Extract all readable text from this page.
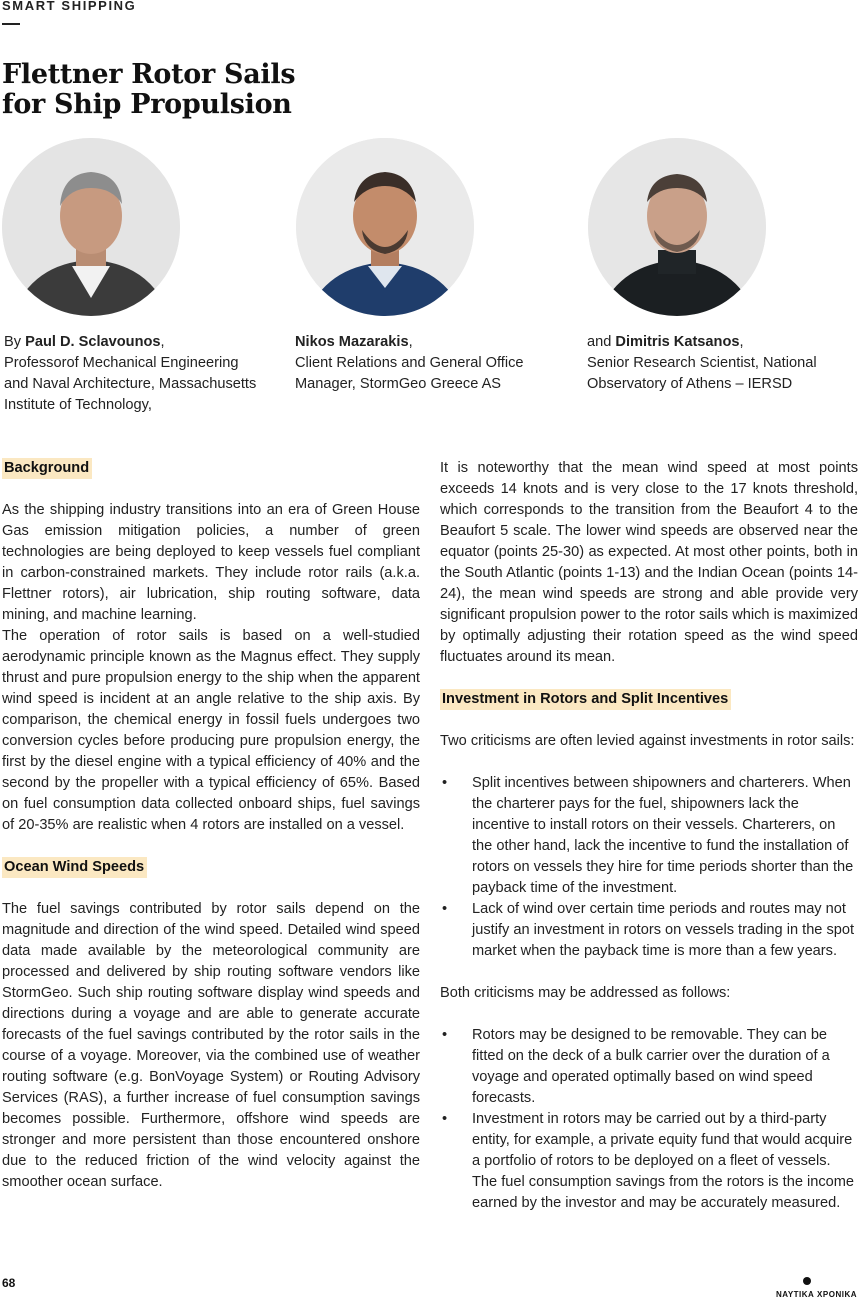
SMART SHIPPING
Flettner Rotor Sails
for Ship Propulsion

By Paul D. Sclavounos,

Professorof Mechanical Engineering

and Naval Architecture, Massachusetts

Institute of Technology,

Nikos Mazarakis,

Client Relations and General Office

Manager, StormGeo Greece AS

and Dimitris Katsanos,

Senior Research Scientist, National

Observatory of Athens – IERSD

Background

As the shipping industry transitions into an era of Green House Gas emission mitigation policies, a number of green technologies are being deployed to keep vessels fuel compliant in carbon-constrained markets. They include rotor rails (a.k.a. Flettner rotors), air lubrication, ship routing software, data mining, and machine learning.

The operation of rotor sails is based on a well-studied aerodynamic principle known as the Magnus effect. They supply thrust and pure propulsion energy to the ship when the apparent wind speed is incident at an angle relative to the ship axis. By comparison, the chemical energy in fossil fuels undergoes two conversion cycles before producing pure propulsion energy, the first by the diesel engine with a typical efficiency of 40% and the second by the propeller with a typical efficiency of 65%. Based on fuel consumption data collected onboard ships, fuel savings of 20-35% are realistic when 4 rotors are installed on a vessel.

Ocean Wind Speeds

The fuel savings contributed by rotor sails depend on the magnitude and direction of the wind speed. Detailed wind speed data made available by the meteorological community are processed and delivered by ship routing software vendors like StormGeo. Such ship routing software display wind speeds and directions during a voyage and are able to generate accurate forecasts of the fuel savings contributed by the rotor sails in the course of a voyage. Moreover, via the combined use of weather routing software (e.g. BonVoyage System) or Routing Advisory Services (RAS), a further increase of fuel consumption savings becomes possible. Furthermore, offshore wind speeds are stronger and more persistent than those encountered onshore due to the reduced friction of the wind velocity against the smoother ocean surface.

It is noteworthy that the mean wind speed at most points exceeds 14 knots and is very close to the 17 knots threshold, which corresponds to the transition from the Beaufort 4 to the Beaufort 5 scale. The lower wind speeds are observed near the equator (points 25-30) as expected. At most other points, both in the South Atlantic (points 1-13) and the Indian Ocean (points 14-24), the mean wind speeds are strong and able provide very significant propulsion power to the rotor sails which is maximized by optimally adjusting their rotation speed as the wind speed fluctuates around its mean.

Investment in Rotors and Split Incentives

Two criticisms are often levied against investments in rotor sails:

• Split incentives between shipowners and charterers. When the charterer pays for the fuel, shipowners lack the incentive to install rotors on their vessels. Charterers, on the other hand, lack the incentive to fund the installation of rotors on vessels they hire for time periods shorter than the payback time of the investment.
• Lack of wind over certain time periods and routes may not justify an investment in rotors on vessels trading in the spot market when the payback time is more than a few years.

Both criticisms may be addressed as follows:

• Rotors may be designed to be removable. They can be fitted on the deck of a bulk carrier over the duration of a voyage and operated optimally based on wind speed forecasts.
• Investment in rotors may be carried out by a third-party entity, for example, a private equity fund that would acquire a portfolio of rotors to be deployed on a fleet of vessels. The fuel consumption savings from the rotors is the income earned by the investor and may be accurately measured.
68
ΝΑΥΤΙΚΑ ΧΡΟΝΙΚΑ
